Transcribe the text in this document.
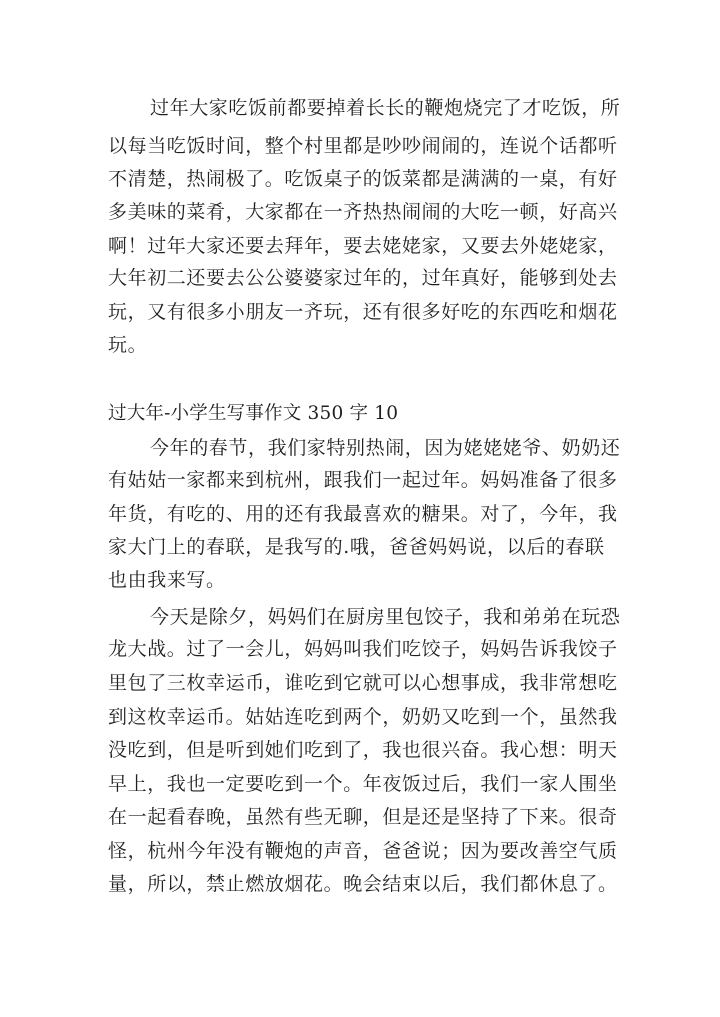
过年大家吃饭前都要掉着长长的鞭炮烧完了才吃饭，所
以每当吃饭时间，整个村里都是吵吵闹闹的，连说个话都听
不清楚，热闹极了。吃饭桌子的饭菜都是满满的一桌，有好
多美味的菜肴，大家都在一齐热热闹闹的大吃一顿，好高兴
啊！过年大家还要去拜年，要去姥姥家，又要去外姥姥家，
大年初二还要去公公婆婆家过年的，过年真好，能够到处去
玩，又有很多小朋友一齐玩，还有很多好吃的东西吃和烟花
玩。
过大年-小学生写事作文 350 字 10
今年的春节，我们家特别热闹，因为姥姥姥爷、奶奶还
有姑姑一家都来到杭州，跟我们一起过年。妈妈准备了很多
年货，有吃的、用的还有我最喜欢的糖果。对了，今年，我
家大门上的春联，是我写的.哦，爸爸妈妈说，以后的春联
也由我来写。
今天是除夕，妈妈们在厨房里包饺子，我和弟弟在玩恐
龙大战。过了一会儿，妈妈叫我们吃饺子，妈妈告诉我饺子
里包了三枚幸运币，谁吃到它就可以心想事成，我非常想吃
到这枚幸运币。姑姑连吃到两个，奶奶又吃到一个，虽然我
没吃到，但是听到她们吃到了，我也很兴奋。我心想：明天
早上，我也一定要吃到一个。年夜饭过后，我们一家人围坐
在一起看春晚，虽然有些无聊，但是还是坚持了下来。很奇
怪，杭州今年没有鞭炮的声音，爸爸说；因为要改善空气质
量，所以，禁止燃放烟花。晚会结束以后，我们都休息了。
